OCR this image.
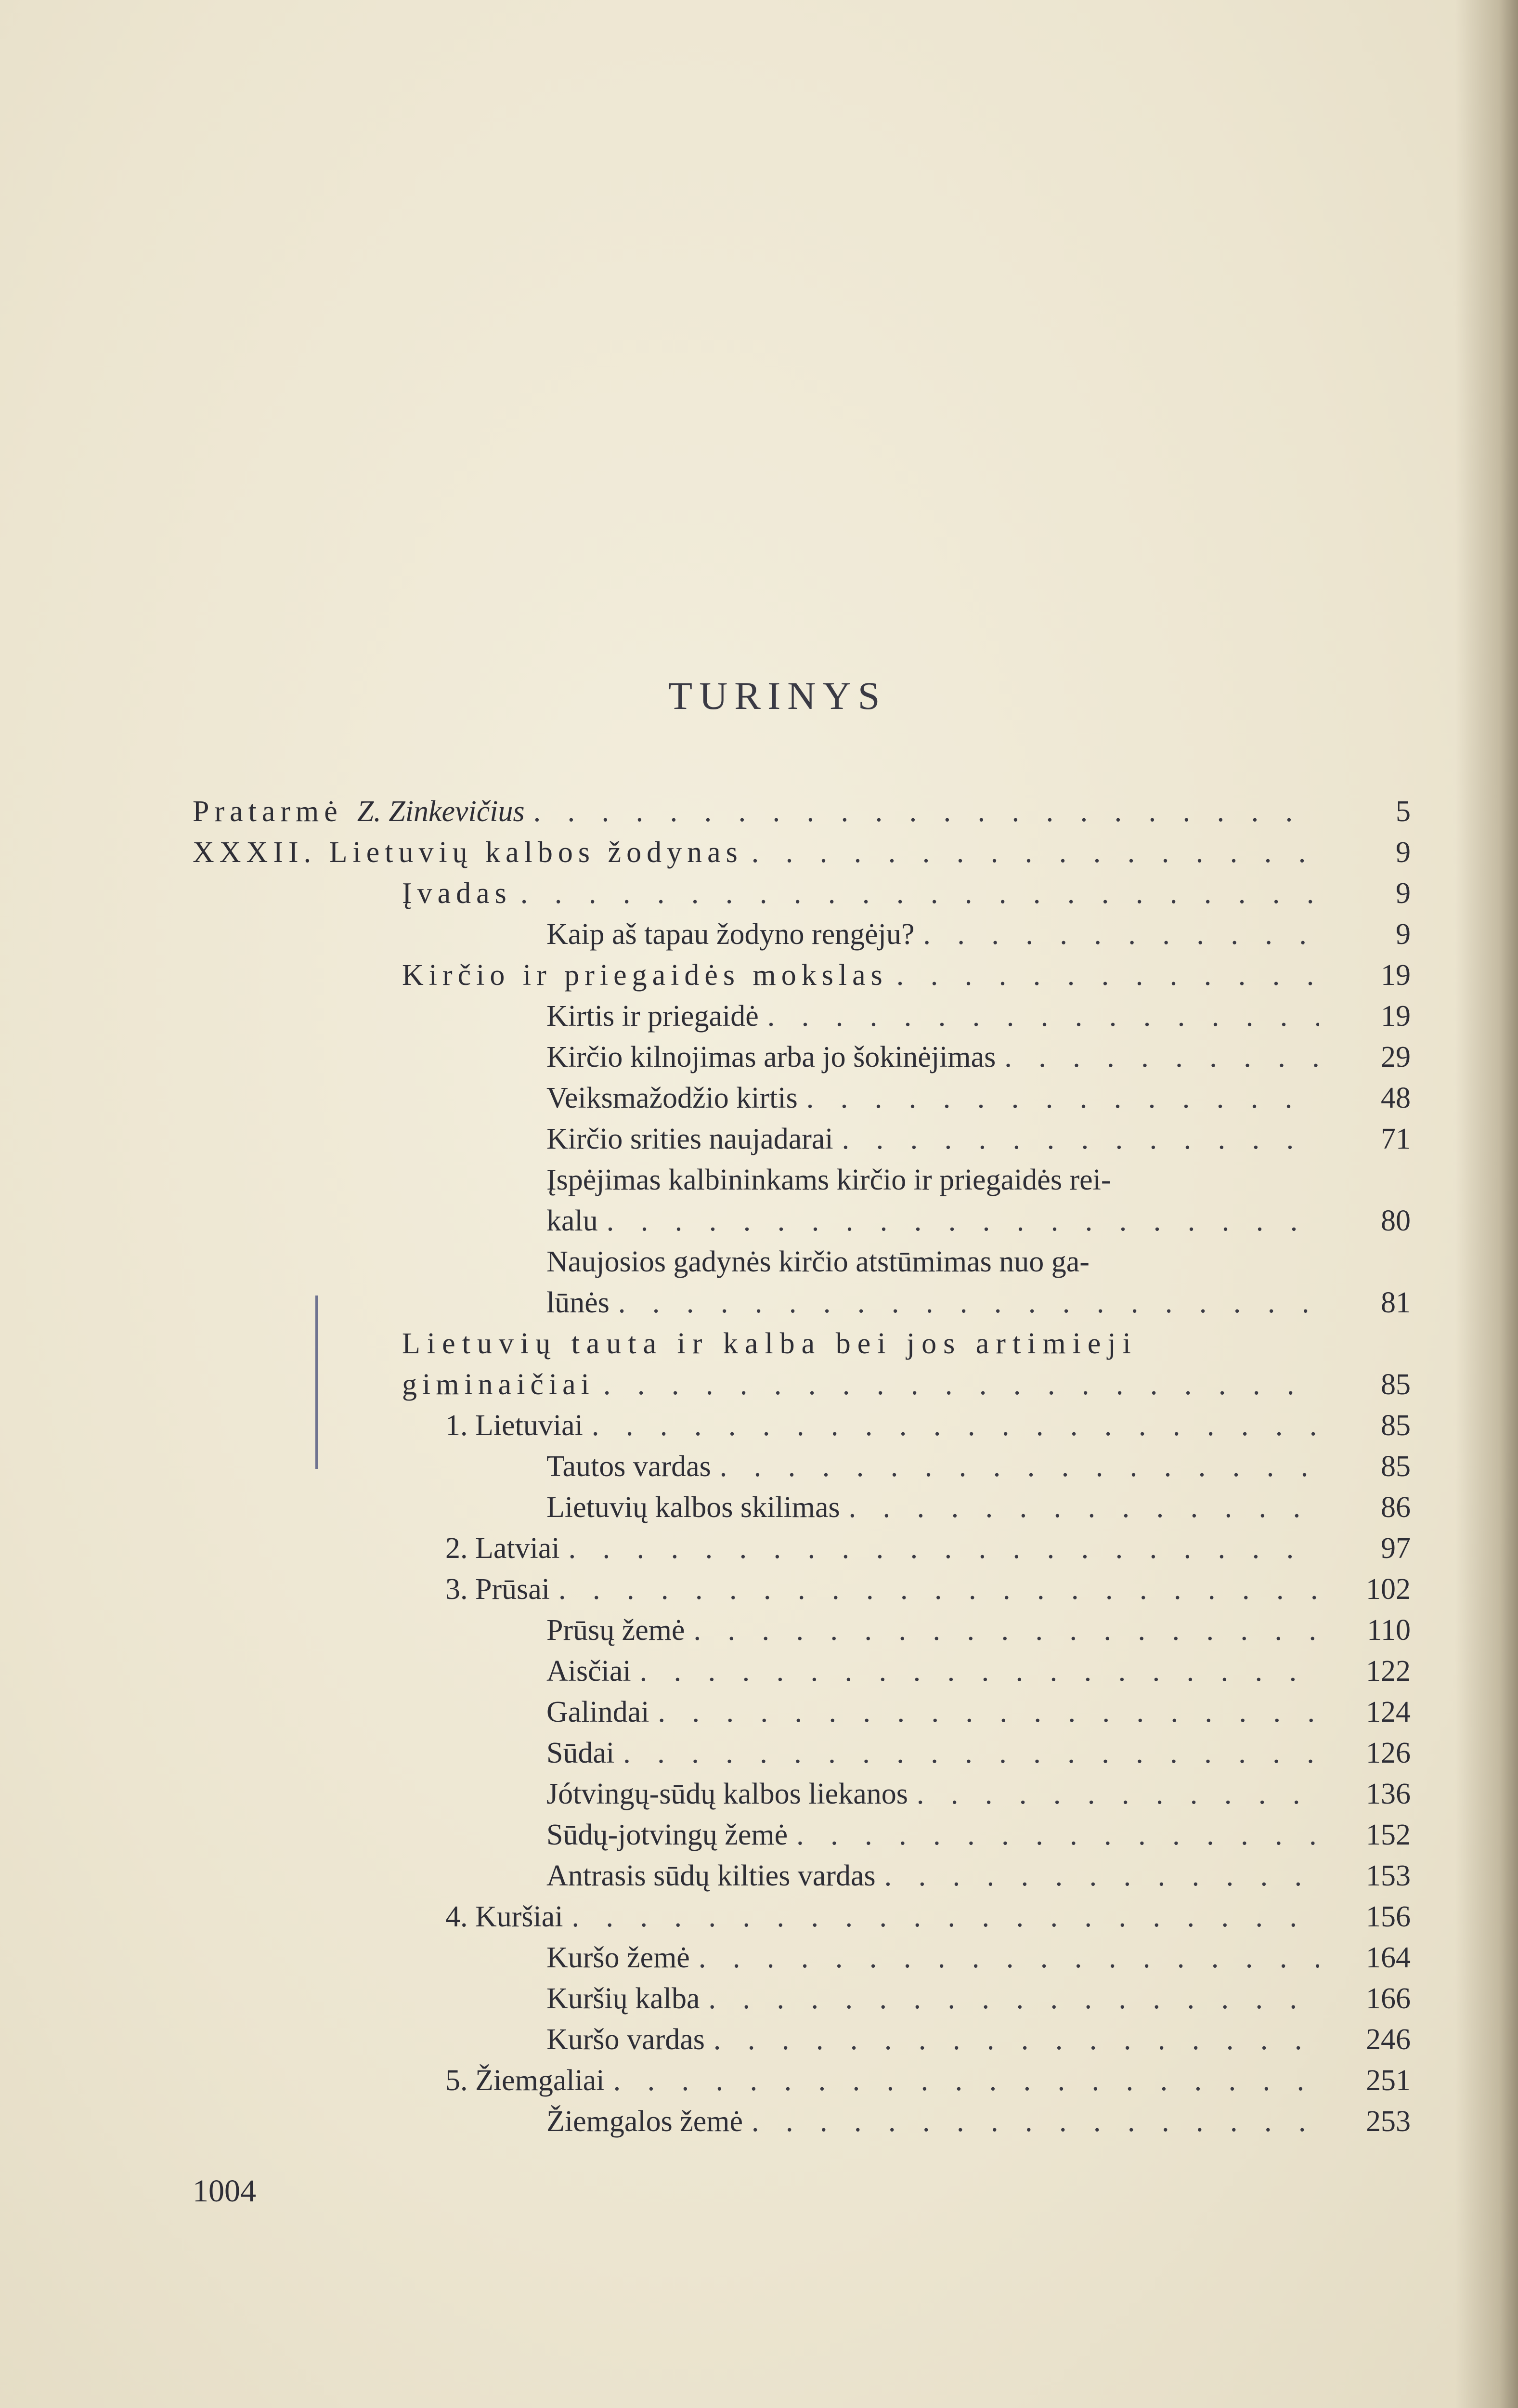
TURINYS
Pratarmė Z. Zinkevičius . . .	5
XXXII. Lietuvių kalbos žodynas . . .	9
Įvadas . . .	9
Kaip aš tapau žodyno rengėju? . . .	9
Kirčio ir priegaidės mokslas . . .	19
Kirtis ir priegaidė . . .	19
Kirčio kilnojimas arba jo šokinėjimas . . .	29
Veiksmažodžio kirtis . . .	48
Kirčio srities naujadarai . . .	71
Įspėjimas kalbininkams kirčio ir priegaidės rei-
kalu . . .	80
Naujosios gadynės kirčio atstūmimas nuo ga-
lūnės . . .	81
Lietuvių tauta ir kalba bei jos artimieji
giminaičiai . . .	85
1. Lietuviai . . .	85
Tautos vardas . . .	85
Lietuvių kalbos skilimas . . .	86
2. Latviai . . .	97
3. Prūsai . . .	102
Prūsų žemė . . .	110
Aisčiai . . .	122
Galindai . . .	124
Sūdai . . .	126
Jótvingų-sūdų kalbos liekanos . . .	136
Sūdų-jotvingų žemė . . .	152
Antrasis sūdų kilties vardas . . .	153
4. Kuršiai . . .	156
Kuršo žemė . . .	164
Kuršių kalba . . .	166
Kuršo vardas . . .	246
5. Žiemgaliai . . .	251
Žiemgalos žemė . . .	253
1004
